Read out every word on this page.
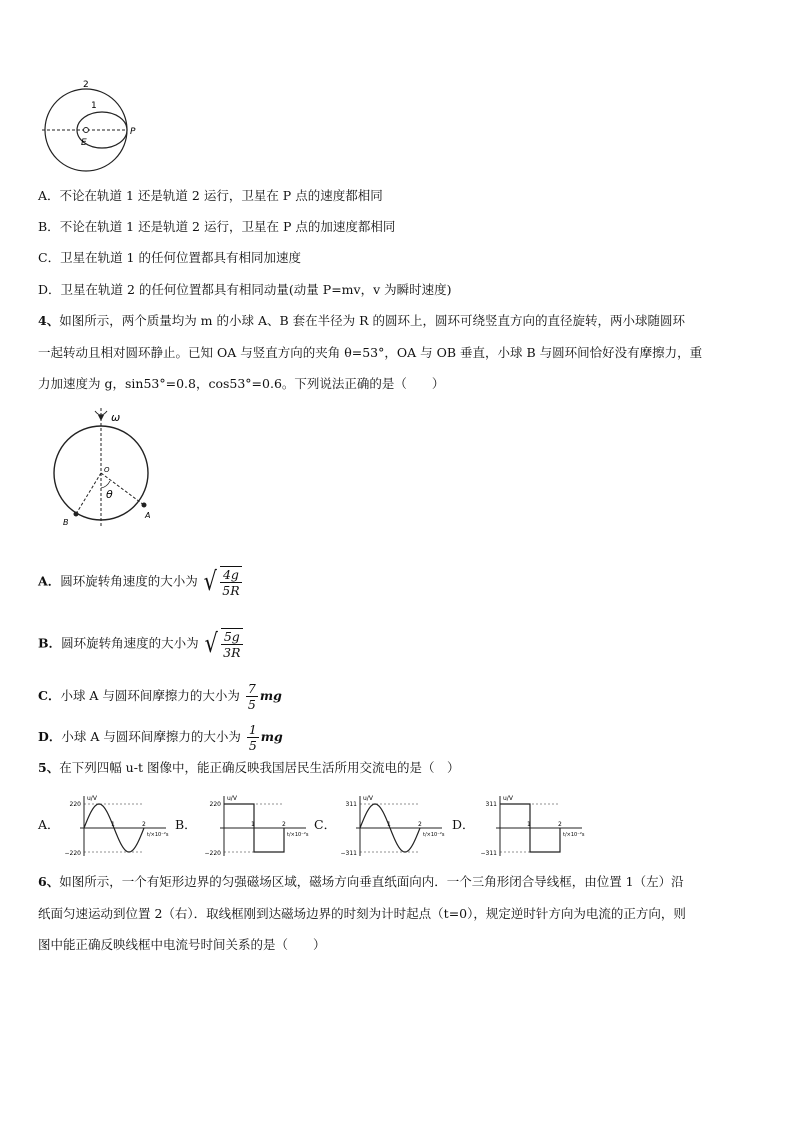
2
1
P
E
A．不论在轨道 1 还是轨道 2 运行，卫星在 P 点的速度都相同
B．不论在轨道 1 还是轨道 2 运行，卫星在 P 点的加速度都相同
C．卫星在轨道 1 的任何位置都具有相同加速度
D．卫星在轨道 2 的任何位置都具有相同动量(动量 P=mv，v 为瞬时速度)
4、如图所示，两个质量均为 m 的小球 A、B 套在半径为 R 的圆环上，圆环可绕竖直方向的直径旋转，两小球随圆环
一起转动且相对圆环静止。已知 OA 与竖直方向的夹角 θ=53°，OA 与 OB 垂直，小球 B 与圆环间恰好没有摩擦力，重
力加速度为 g，sin53°=0.8，cos53°=0.6。下列说法正确的是（　　）
ω
O
θ
B
A
A．圆环旋转角速度的大小为 √ $\frac{4g}{5R}$
B．圆环旋转角速度的大小为 √ $\frac{5g}{3R}$
C．小球 A 与圆环间摩擦力的大小为 $\frac{7}{5}$ mg
D．小球 A 与圆环间摩擦力的大小为 $\frac{1}{5}$ mg
5、在下列四幅 u-t 图像中，能正确反映我国居民生活所用交流电的是（　）
A．
u/V
220
−220
1	2
t/×10⁻²s
B．
u/V
220
−220
1	2
t/×10⁻²s
C．
u/V
311
−311
1	2
t/×10⁻²s
D．
u/V
311
−311
1	2
t/×10⁻²s
6、如图所示，一个有矩形边界的匀强磁场区域，磁场方向垂直纸面向内．一个三角形闭合导线框，由位置 1（左）沿
纸面匀速运动到位置 2（右）．取线框刚到达磁场边界的时刻为计时起点（t=0），规定逆时针方向为电流的正方向，则
图中能正确反映线框中电流号时间关系的是（　　）
